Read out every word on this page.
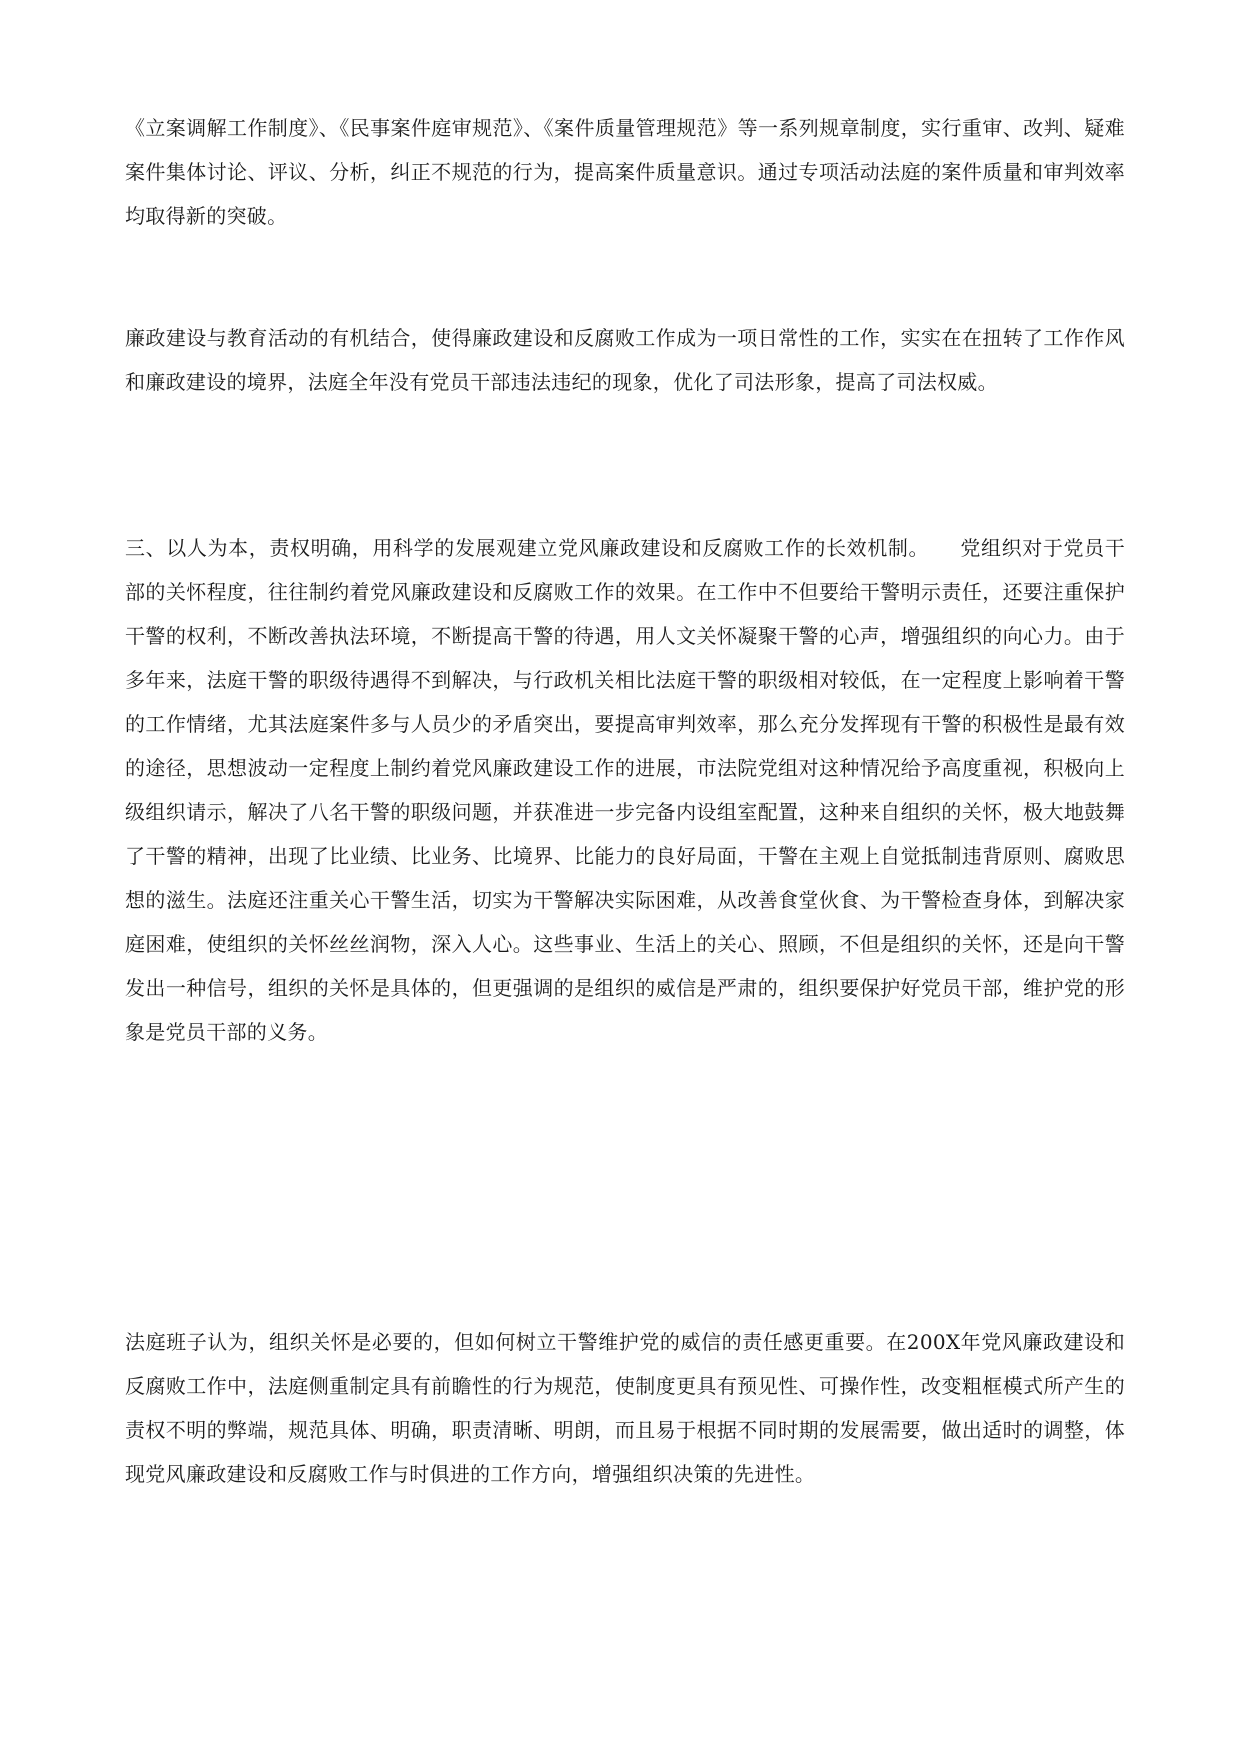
《立案调解工作制度》、《民事案件庭审规范》、《案件质量管理规范》等一系列规章制度，实行重审、改判、疑难案件集体讨论、评议、分析，纠正不规范的行为，提高案件质量意识。通过专项活动法庭的案件质量和审判效率均取得新的突破。

廉政建设与教育活动的有机结合，使得廉政建设和反腐败工作成为一项日常性的工作，实实在在扭转了工作作风和廉政建设的境界，法庭全年没有党员干部违法违纪的现象，优化了司法形象，提高了司法权威。

三、以人为本，责权明确，用科学的发展观建立党风廉政建设和反腐败工作的长效机制。　　党组织对于党员干部的关怀程度，往往制约着党风廉政建设和反腐败工作的效果。在工作中不但要给干警明示责任，还要注重保护干警的权利，不断改善执法环境，不断提高干警的待遇，用人文关怀凝聚干警的心声，增强组织的向心力。由于多年来，法庭干警的职级待遇得不到解决，与行政机关相比法庭干警的职级相对较低，在一定程度上影响着干警的工作情绪，尤其法庭案件多与人员少的矛盾突出，要提高审判效率，那么充分发挥现有干警的积极性是最有效的途径，思想波动一定程度上制约着党风廉政建设工作的进展，市法院党组对这种情况给予高度重视，积极向上级组织请示，解决了八名干警的职级问题，并获准进一步完备内设组室配置，这种来自组织的关怀，极大地鼓舞了干警的精神，出现了比业绩、比业务、比境界、比能力的良好局面，干警在主观上自觉抵制违背原则、腐败思想的滋生。法庭还注重关心干警生活，切实为干警解决实际困难，从改善食堂伙食、为干警检查身体，到解决家庭困难，使组织的关怀丝丝润物，深入人心。这些事业、生活上的关心、照顾，不但是组织的关怀，还是向干警发出一种信号，组织的关怀是具体的，但更强调的是组织的威信是严肃的，组织要保护好党员干部，维护党的形象是党员干部的义务。

法庭班子认为，组织关怀是必要的，但如何树立干警维护党的威信的责任感更重要。在200X年党风廉政建设和反腐败工作中，法庭侧重制定具有前瞻性的行为规范，使制度更具有预见性、可操作性，改变粗框模式所产生的责权不明的弊端，规范具体、明确，职责清晰、明朗，而且易于根据不同时期的发展需要，做出适时的调整，体现党风廉政建设和反腐败工作与时俱进的工作方向，增强组织决策的先进性。
